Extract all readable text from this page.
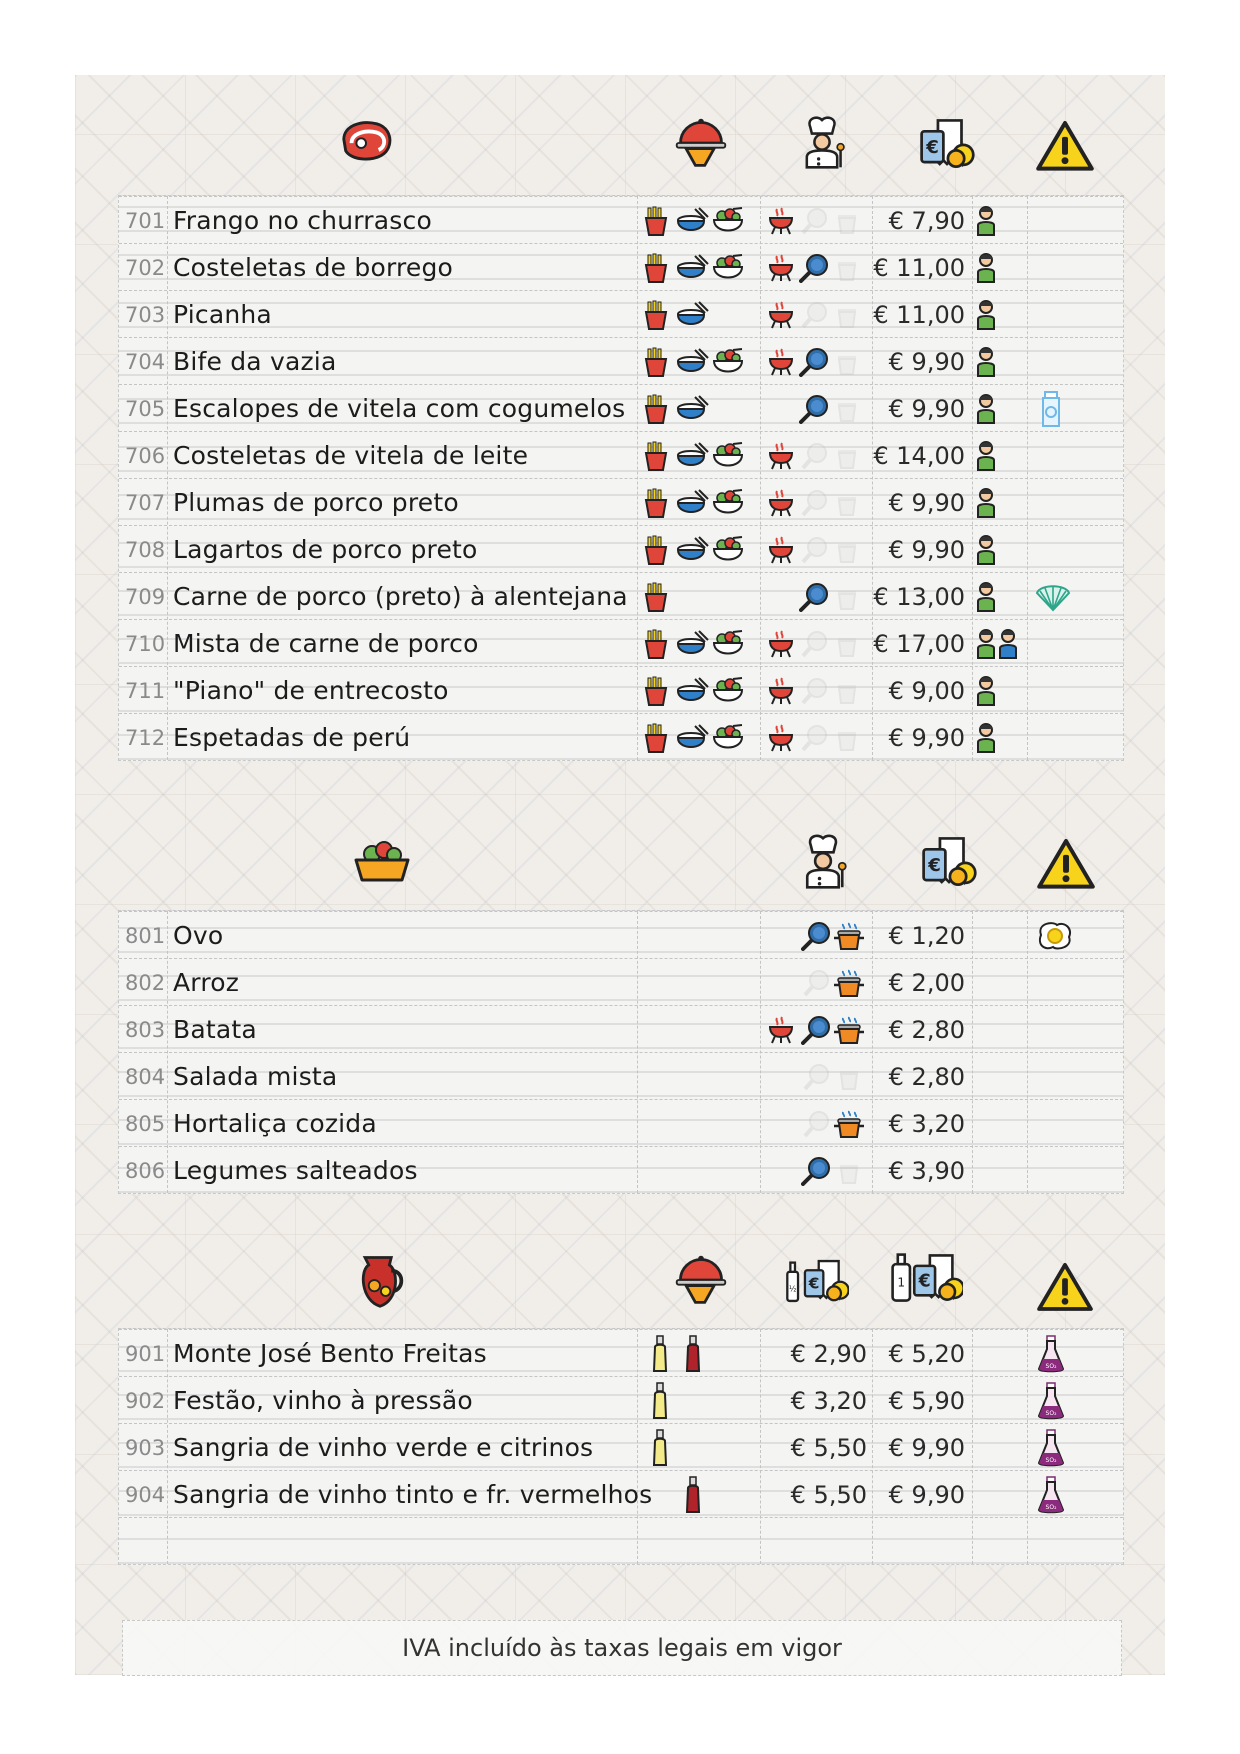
€
701 Frango no churrasco	€ 7,90
702 Costeletas de borrego	€ 11,00
703 Picanha	€ 11,00
704 Bife da vazia	€ 9,90
705 Escalopes de vitela com cogumelos	€ 9,90
706 Costeletas de vitela de leite	€ 14,00
707 Plumas de porco preto	€ 9,90
708 Lagartos de porco preto	€ 9,90
709 Carne de porco (preto) à alentejana	€ 13,00
710 Mista de carne de porco	€ 17,00
711 "Piano" de entrecosto	€ 9,00
712 Espetadas de perú	€ 9,90
€
801 Ovo	€ 1,20
802 Arroz	€ 2,00
803 Batata	€ 2,80
804 Salada mista	€ 2,80
805 Hortaliça cozida	€ 3,20
806 Legumes salteados	€ 3,90
½ €	1 €
901 Monte José Bento Freitas	€ 2,90 € 5,20	SO₂
902 Festão, vinho à pressão	€ 3,20 € 5,90	SO₂
903 Sangria de vinho verde e citrinos	€ 5,50 € 9,90	SO₂
904 Sangria de vinho tinto e fr. vermelhos	€ 5,50 € 9,90	SO₂
IVA incluído às taxas legais em vigor
